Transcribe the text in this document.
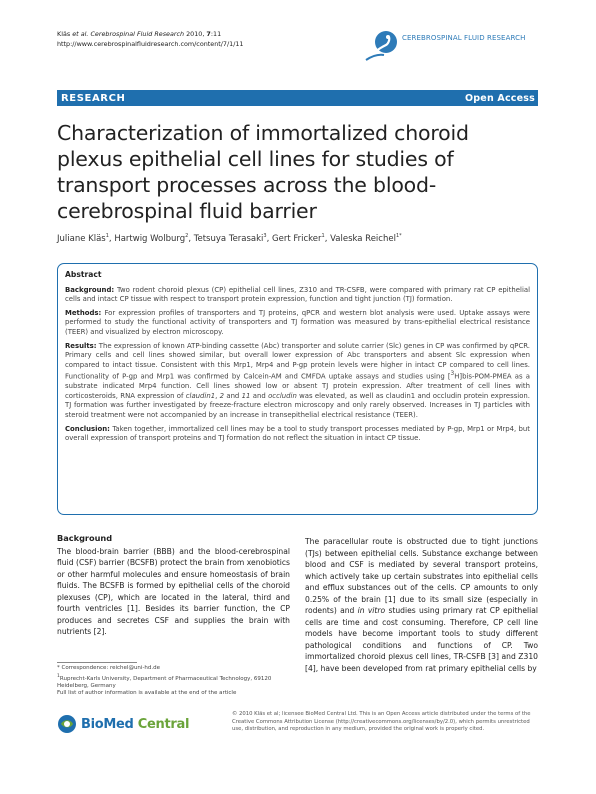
Kläs et al. Cerebrospinal Fluid Research 2010, 7:11
http://www.cerebrospinalfluidresearch.com/content/7/1/11
CEREBROSPINAL FLUID RESEARCH
RESEARCH	Open Access
Characterization of immortalized choroid plexus epithelial cell lines for studies of transport processes across the blood-cerebrospinal fluid barrier
Juliane Kläs$^1$, Hartwig Wolburg$^2$, Tetsuya Terasaki$^3$, Gert Fricker$^1$, Valeska Reichel$^{1*}$
Abstract

Background: Two rodent choroid plexus (CP) epithelial cell lines, Z310 and TR-CSFB, were compared with primary rat CP epithelial cells and intact CP tissue with respect to transport protein expression, function and tight junction (TJ) formation.

Methods: For expression profiles of transporters and TJ proteins, qPCR and western blot analysis were used. Uptake assays were performed to study the functional activity of transporters and TJ formation was measured by trans-epithelial electrical resistance (TEER) and visualized by electron microscopy.

Results: The expression of known ATP-binding cassette (Abc) transporter and solute carrier (Slc) genes in CP was confirmed by qPCR. Primary cells and cell lines showed similar, but overall lower expression of Abc transporters and absent Slc expression when compared to intact tissue. Consistent with this Mrp1, Mrp4 and P-gp protein levels were higher in intact CP compared to cell lines. Functionality of P-gp and Mrp1 was confirmed by Calcein-AM and CMFDA uptake assays and studies using [$^3$H]bis-POM-PMEA as a substrate indicated Mrp4 function. Cell lines showed low or absent TJ protein expression. After treatment of cell lines with corticosteroids, RNA expression of claudin1, 2 and 11 and occludin was elevated, as well as claudin1 and occludin protein expression. TJ formation was further investigated by freeze-fracture electron microscopy and only rarely observed. Increases in TJ particles with steroid treatment were not accompanied by an increase in transepithelial electrical resistance (TEER).

Conclusion: Taken together, immortalized cell lines may be a tool to study transport processes mediated by P-gp, Mrp1 or Mrp4, but overall expression of transport proteins and TJ formation do not reflect the situation in intact CP tissue.

Background

The blood-brain barrier (BBB) and the blood-cerebrospinal fluid (CSF) barrier (BCSFB) protect the brain from xenobiotics or other harmful molecules and ensure homeostasis of brain fluids. The BCSFB is formed by epithelial cells of the choroid plexuses (CP), which are located in the lateral, third and fourth ventricles [1]. Besides its barrier function, the CP produces and secretes CSF and supplies the brain with nutrients [2].

The paracellular route is obstructed due to tight junctions (TJs) between epithelial cells. Substance exchange between blood and CSF is mediated by several transport proteins, which actively take up certain substrates into epithelial cells and efflux substances out of the cells. CP amounts to only 0.25% of the brain [1] due to its small size (especially in rodents) and in vitro studies using primary rat CP epithelial cells are time and cost consuming. Therefore, CP cell line models have become important tools to study different pathological conditions and functions of CP. Two immortalized choroid plexus cell lines, TR-CSFB [3] and Z310 [4], have been developed from rat primary epithelial cells by

* Correspondence: reichel@uni-hd.de

$^1$Ruprecht-Karls University, Department of Pharmaceutical Technology, 69120 Heidelberg, Germany

Full list of author information is available at the end of the article

BioMed Central
© 2010 Kläs et al; licensee BioMed Central Ltd. This is an Open Access article distributed under the terms of the Creative Commons Attribution License (http://creativecommons.org/licenses/by/2.0), which permits unrestricted use, distribution, and reproduction in any medium, provided the original work is properly cited.
